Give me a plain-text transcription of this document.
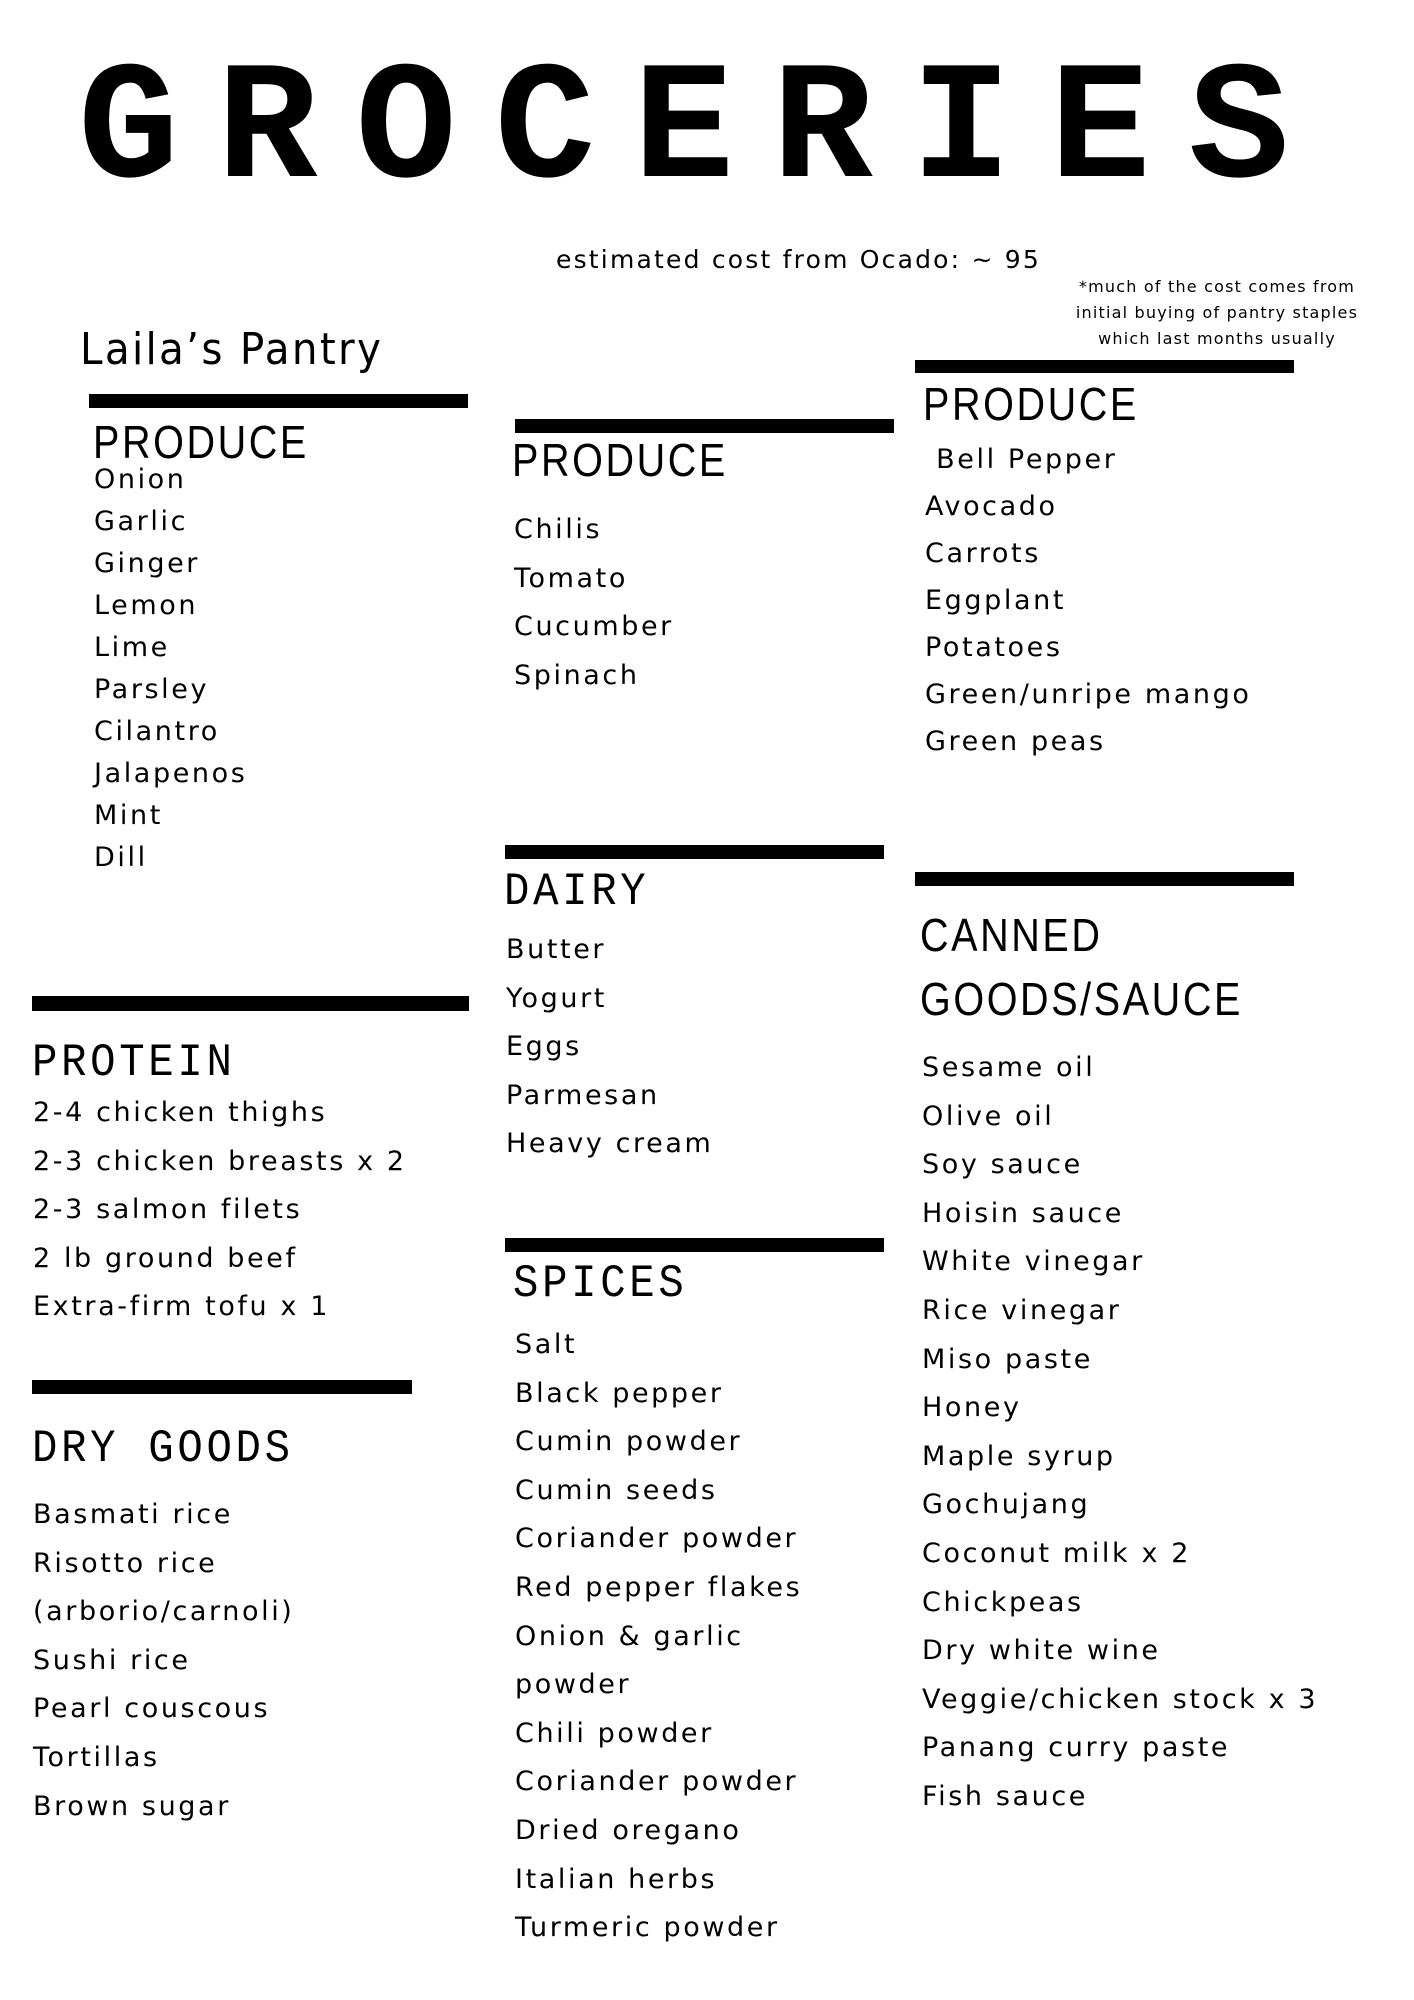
GROCERIES
estimated cost from Ocado: ~ 95
*much of the cost comes from
initial buying of pantry staples
which last months usually
Laila’s Pantry
PRODUCE
Onion
Garlic
Ginger
Lemon
Lime
Parsley
Cilantro
Jalapenos
Mint
Dill
PROTEIN
2-4 chicken thighs
2-3 chicken breasts x 2
2-3 salmon filets
2 lb ground beef
Extra-firm tofu x 1
DRY GOODS
Basmati rice
Risotto rice
(arborio/carnoli)
Sushi rice
Pearl couscous
Tortillas
Brown sugar
PRODUCE
Chilis
Tomato
Cucumber
Spinach
DAIRY
Butter
Yogurt
Eggs
Parmesan
Heavy cream
SPICES
Salt
Black pepper
Cumin powder
Cumin seeds
Coriander powder
Red pepper flakes
Onion & garlic
powder
Chili powder
Coriander powder
Dried oregano
Italian herbs
Turmeric powder
PRODUCE
Bell Pepper
Avocado
Carrots
Eggplant
Potatoes
Green/unripe mango
Green peas
CANNED
GOODS/SAUCE
Sesame oil
Olive oil
Soy sauce
Hoisin sauce
White vinegar
Rice vinegar
Miso paste
Honey
Maple syrup
Gochujang
Coconut milk x 2
Chickpeas
Dry white wine
Veggie/chicken stock x 3
Panang curry paste
Fish sauce
